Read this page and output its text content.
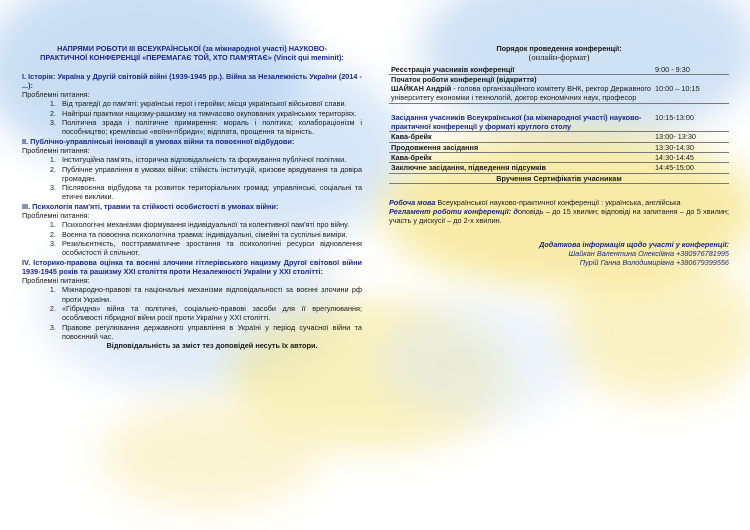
НАПРЯМИ РОБОТИ ІІІ ВСЕУКРАЇНСЬКОЇ (за міжнародної участі) НАУКОВО-ПРАКТИЧНОЇ КОНФЕРЕНЦІЇ «ПЕРЕМАГАЄ ТОЙ, ХТО ПАМ'ЯТАЄ» (Vincit qui meminit):

І. Історія: Україна у Другій світовій війні (1939-1945 рр.). Війна за Незалежність України (2014 - ...):

Проблемні питання:

1. Від трагедії до пам'яті: українські герої і геройки; місця української військової слави.
2. Найгірші практики нацизму-рашизму на тимчасово окупованих українських територіях.
3. Політична зрада і політичне примирення: мораль і політика; колабораціонізм і пособництво; кремлівські «воїни-гібриди»; відплата, прощення та вірність.

ІІ. Публічно-управлінські інновації в умовах війни та повоєнної відбудови:

Проблемні питання:

1. Інституційна пам'ять, історична відповідальність та формування публічної політики.
2. Публічне управління в умовах війни: стійкість інституцій, кризове врядування та довіра громадян.
3. Післявоєнна відбудова та розвиток територіальних громад: управлінські, соціальні та етичні виклики.

ІІІ. Психологія пам'яті, травми та стійкості особистості в умовах війни:

Проблемні питання:

1. Психологічні механізми формування індивідуальної та колективної пам'яті про війну.
2. Воєнна та повоєнна психологічна травма: індивідуальні, сімейні та суспільні виміри.
3. Резильєнтність, посттравматичне зростання та психологічні ресурси відновлення особистості й спільнот.

IV. Історико-правова оцінка та воєнні злочини гітлерівського нацизму Другої світової війни 1939-1945 років та рашизму ХХІ століття проти Незалежності України у ХХІ столітті:

Проблемні питання:

1. Міжнародно-правові та національні механізми відповідальності за воєнні злочини рф проти України.
2. «Гібридна» війна та політичні, соціально-правові засоби для її врегулювання; особливості гібридної війни росії проти України у ХХІ столітті.
3. Правове регулювання державного управління в Україні у період сучасної війни та повоєнний час.

Відповідальність за зміст тез доповідей несуть їх автори.

Порядок проведення конференції:

(онлайн-формат)

Реєстрація учасників конференції	9:00 - 9:30

Початок роботи конференції (відкриття)	

ШАЙКАН Андрій - голова організаційного комітету ВНК, ректор Державного університету економіки і технологій, доктор економічних наук, професор	10:00 – 10:15
Засідання учасників Всеукраїнської (за міжнародної участі) науково-практичної конференції у форматі круглого столу	10:15-13:00
Кава-брейк	13:00- 13:30
Продовження засідання	13:30-14:30
Кава-брейк	14:30-14:45
Заключне засідання, підведення підсумків	14:45-15:00
Вручення Сертифікатів учасникам	

Робоча мова Всеукраїнської науково-практичної конференції : українська, англійська

Регламент роботи конференції: доповідь – до 15 хвилин; відповіді на запитання – до 5 хвилин; участь у дискусії – до 2-х хвилин.

Додаткова інформація щодо участі у конференції:

Шайкан Валентина Олексіївна +380976781995

Пурій Ганна Володимирівна +380679399556
